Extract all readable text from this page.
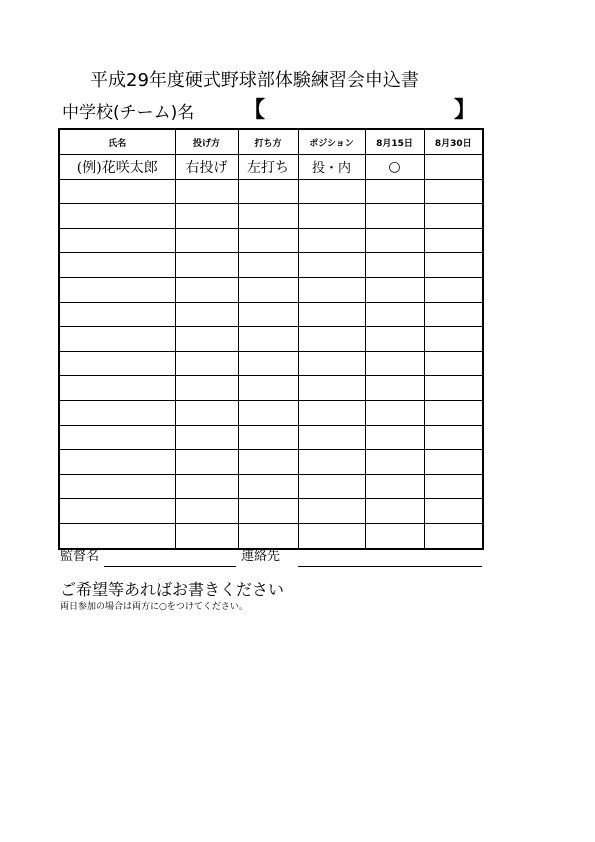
平成29年度硬式野球部体験練習会申込書
中学校(チーム)名 【	】
氏名	投げ方	打ち方	ポジション	8月15日	8月30日
(例)花咲太郎	右投げ	左打ち	投・内	○	

監督名	連絡先
ご希望等あればお書きください
両日参加の場合は両方に○をつけてください。
